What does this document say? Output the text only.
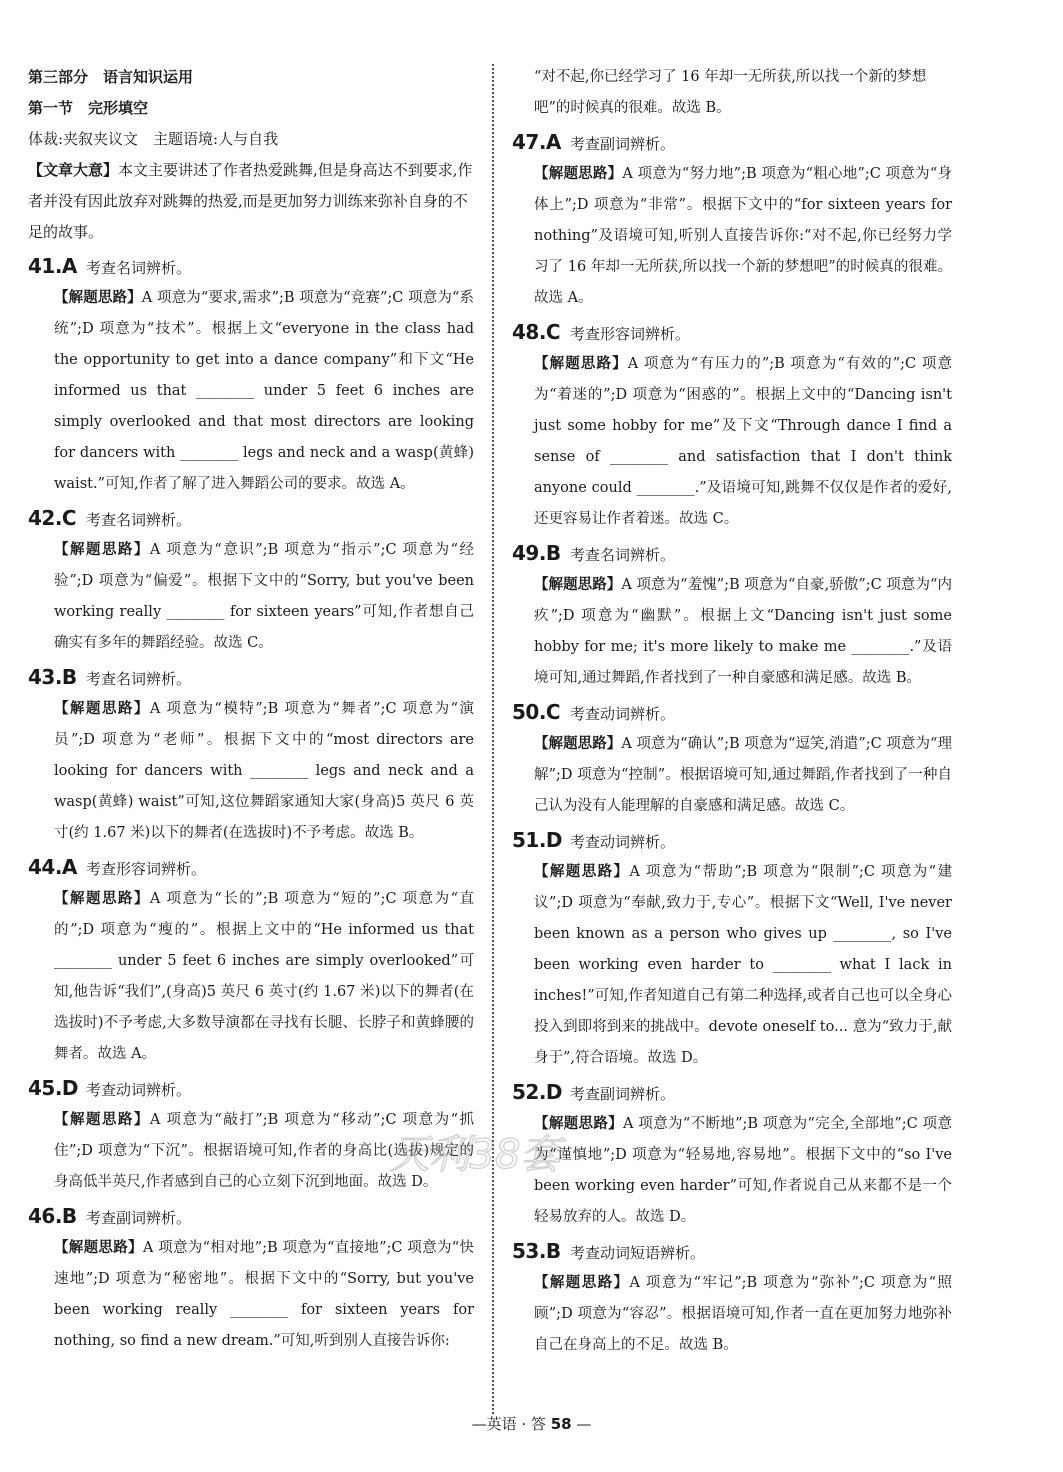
第三部分　语言知识运用
第一节　完形填空
体裁:夹叙夹议文　主题语境:人与自我
【文章大意】本文主要讲述了作者热爱跳舞,但是身高达不到要求,作者并没有因此放弃对跳舞的热爱,而是更加努力训练来弥补自身的不足的故事。
41.A 考查名词辨析。
【解题思路】A 项意为“要求,需求”;B 项意为“竞赛”;C 项意为“系统”;D 项意为“技术”。根据上文“everyone in the class had the opportunity to get into a dance company”和下文“He informed us that ________ under 5 feet 6 inches are simply overlooked and that most directors are looking for dancers with ________ legs and neck and a wasp(黄蜂) waist.”可知,作者了解了进入舞蹈公司的要求。故选 A。
42.C 考查名词辨析。
【解题思路】A 项意为“意识”;B 项意为“指示”;C 项意为“经验”;D 项意为“偏爱”。根据下文中的“Sorry, but you've been working really ________ for sixteen years”可知,作者想自己确实有多年的舞蹈经验。故选 C。
43.B 考查名词辨析。
【解题思路】A 项意为“模特”;B 项意为“舞者”;C 项意为“演员”;D 项意为“老师”。根据下文中的“most directors are looking for dancers with ________ legs and neck and a wasp(黄蜂) waist”可知,这位舞蹈家通知大家(身高)5 英尺 6 英寸(约 1.67 米)以下的舞者(在选拔时)不予考虑。故选 B。
44.A 考查形容词辨析。
【解题思路】A 项意为“长的”;B 项意为“短的”;C 项意为“直的”;D 项意为“瘦的”。根据上文中的“He informed us that ________ under 5 feet 6 inches are simply overlooked”可知,他告诉“我们”,(身高)5 英尺 6 英寸(约 1.67 米)以下的舞者(在选拔时)不予考虑,大多数导演都在寻找有长腿、长脖子和黄蜂腰的舞者。故选 A。
45.D 考查动词辨析。
【解题思路】A 项意为“敲打”;B 项意为“移动”;C 项意为“抓住”;D 项意为“下沉”。根据语境可知,作者的身高比(选拔)规定的身高低半英尺,作者感到自己的心立刻下沉到地面。故选 D。
46.B 考查副词辨析。
【解题思路】A 项意为“相对地”;B 项意为“直接地”;C 项意为“快速地”;D 项意为“秘密地”。根据下文中的“Sorry, but you've been working really ________ for sixteen years for nothing, so find a new dream.”可知,听到别人直接告诉你:
“对不起,你已经学习了 16 年却一无所获,所以找一个新的梦想吧”的时候真的很难。故选 B。
47.A 考查副词辨析。
【解题思路】A 项意为“努力地”;B 项意为“粗心地”;C 项意为“身体上”;D 项意为“非常”。根据下文中的“for sixteen years for nothing”及语境可知,听别人直接告诉你:“对不起,你已经努力学习了 16 年却一无所获,所以找一个新的梦想吧”的时候真的很难。故选 A。
48.C 考查形容词辨析。
【解题思路】A 项意为“有压力的”;B 项意为“有效的”;C 项意为“着迷的”;D 项意为“困惑的”。根据上文中的“Dancing isn't just some hobby for me”及下文“Through dance I find a sense of ________ and satisfaction that I don't think anyone could ________.”及语境可知,跳舞不仅仅是作者的爱好,还更容易让作者着迷。故选 C。
49.B 考查名词辨析。
【解题思路】A 项意为“羞愧”;B 项意为“自豪,骄傲”;C 项意为“内疚”;D 项意为“幽默”。根据上文“Dancing isn't just some hobby for me; it's more likely to make me ________.”及语境可知,通过舞蹈,作者找到了一种自豪感和满足感。故选 B。
50.C 考查动词辨析。
【解题思路】A 项意为“确认”;B 项意为“逗笑,消遣”;C 项意为“理解”;D 项意为“控制”。根据语境可知,通过舞蹈,作者找到了一种自己认为没有人能理解的自豪感和满足感。故选 C。
51.D 考查动词辨析。
【解题思路】A 项意为“帮助”;B 项意为“限制”;C 项意为“建议”;D 项意为“奉献,致力于,专心”。根据下文“Well, I've never been known as a person who gives up ________, so I've been working even harder to ________ what I lack in inches!”可知,作者知道自己有第二种选择,或者自己也可以全身心投入到即将到来的挑战中。devote oneself to... 意为“致力于,献身于”,符合语境。故选 D。
52.D 考查副词辨析。
【解题思路】A 项意为“不断地”;B 项意为“完全,全部地”;C 项意为“谨慎地”;D 项意为“轻易地,容易地”。根据下文中的“so I've been working even harder”可知,作者说自己从来都不是一个轻易放弃的人。故选 D。
53.B 考查动词短语辨析。
【解题思路】A 项意为“牢记”;B 项意为“弥补”;C 项意为“照顾”;D 项意为“容忍”。根据语境可知,作者一直在更加努力地弥补自己在身高上的不足。故选 B。
天利38套
—英语 · 答 58 —
